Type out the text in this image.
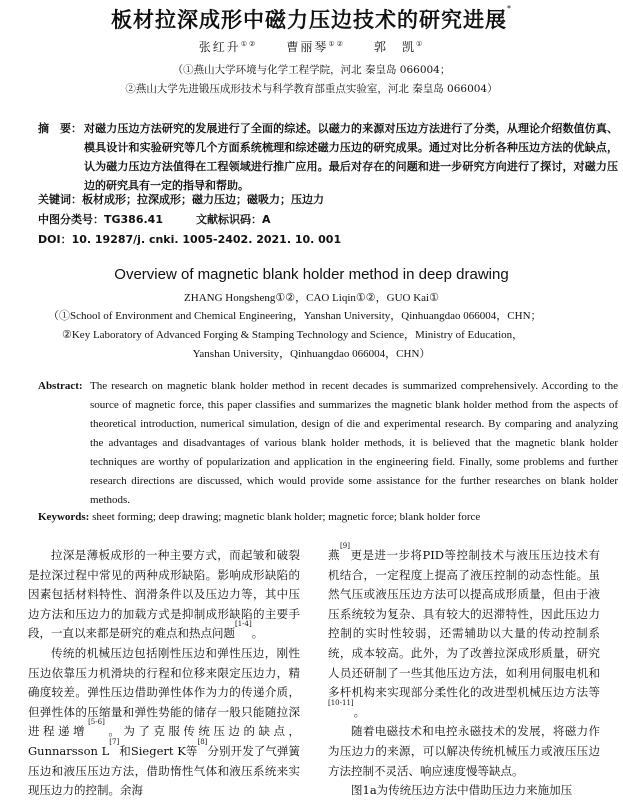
板材拉深成形中磁力压边技术的研究进展*
张红升①② 曹丽琴①② 郭　凯①
（①燕山大学环境与化学工程学院，河北 秦皇岛 066004；
②燕山大学先进锻压成形技术与科学教育部重点实验室，河北 秦皇岛 066004）
摘　要： 对磁力压边方法研究的发展进行了全面的综述。以磁力的来源对压边方法进行了分类，从理论介绍数值仿真、模具设计和实验研究等几个方面系统梳理和综述磁力压边的研究成果。通过对比分析各种压边方法的优缺点，认为磁力压边方法值得在工程领域进行推广应用。最后对存在的问题和进一步研究方向进行了探讨，对磁力压边的研究具有一定的指导和帮助。
关键词：板材成形；拉深成形；磁力压边；磁吸力；压边力
中图分类号：TG386.41	文献标识码：A
DOI：10. 19287/j. cnki. 1005-2402. 2021. 10. 001
Overview of magnetic blank holder method in deep drawing
ZHANG Hongsheng①②，CAO Liqin①②，GUO Kai①
（①School of Environment and Chemical Engineering，Yanshan University，Qinhuangdao 066004，CHN；
②Key Laboratory of Advanced Forging & Stamping Technology and Science，Ministry of Education，
Yanshan University，Qinhuangdao 066004，CHN）
Abstract: The research on magnetic blank holder method in recent decades is summarized comprehensively. According to the source of magnetic force, this paper classifies and summarizes the magnetic blank holder method from the aspects of theoretical introduction, numerical simulation, design of die and experimental research. By comparing and analyzing the advantages and disadvantages of various blank holder methods, it is believed that the magnetic blank holder techniques are worthy of popularization and application in the engineering field. Finally, some problems and further research directions are discussed, which would provide some assistance for the further researches on blank holder methods.
Keywords: sheet forming; deep drawing; magnetic blank holder; magnetic force; blank holder force

拉深是薄板成形的一种主要方式，而起皱和破裂是拉深过程中常见的两种成形缺陷。影响成形缺陷的因素包括材料特性、润滑条件以及压边力等，其中压边方法和压边力的加载方式是抑制成形缺陷的主要手段，一直以来都是研究的难点和热点问题[1-4]。

传统的机械压边包括刚性压边和弹性压边，刚性压边依靠压力机滑块的行程和位移来限定压边力，精确度较差。弹性压边借助弹性体作为力的传递介质，但弹性体的压缩量和弹性势能的储存一般只能随拉深进程递增[5-6]。为了克服传统压边的缺点，Gunnarsson L[7]和Siegert K等[8]分别开发了气弹簧压边和液压压边方法，借助惰性气体和液压系统来实现压边力的控制。余海

燕[9]更是进一步将PID等控制技术与液压压边技术有机结合，一定程度上提高了液压控制的动态性能。虽然气压或液压压边方法可以提高成形质量，但由于液压系统较为复杂、具有较大的迟滞特性，因此压边力控制的实时性较弱，还需辅助以大量的传动控制系统，成本较高。此外，为了改善拉深成形质量，研究人员还研制了一些其他压边方法，如利用伺服电机和多杆机构来实现部分柔性化的改进型机械压边方法等[10-11]。

随着电磁技术和电控永磁技术的发展，将磁力作为压边力的来源，可以解决传统机械压力或液压压边方法控制不灵活、响应速度慢等缺点。

图1a为传统压边方法中借助压边力来施加压
